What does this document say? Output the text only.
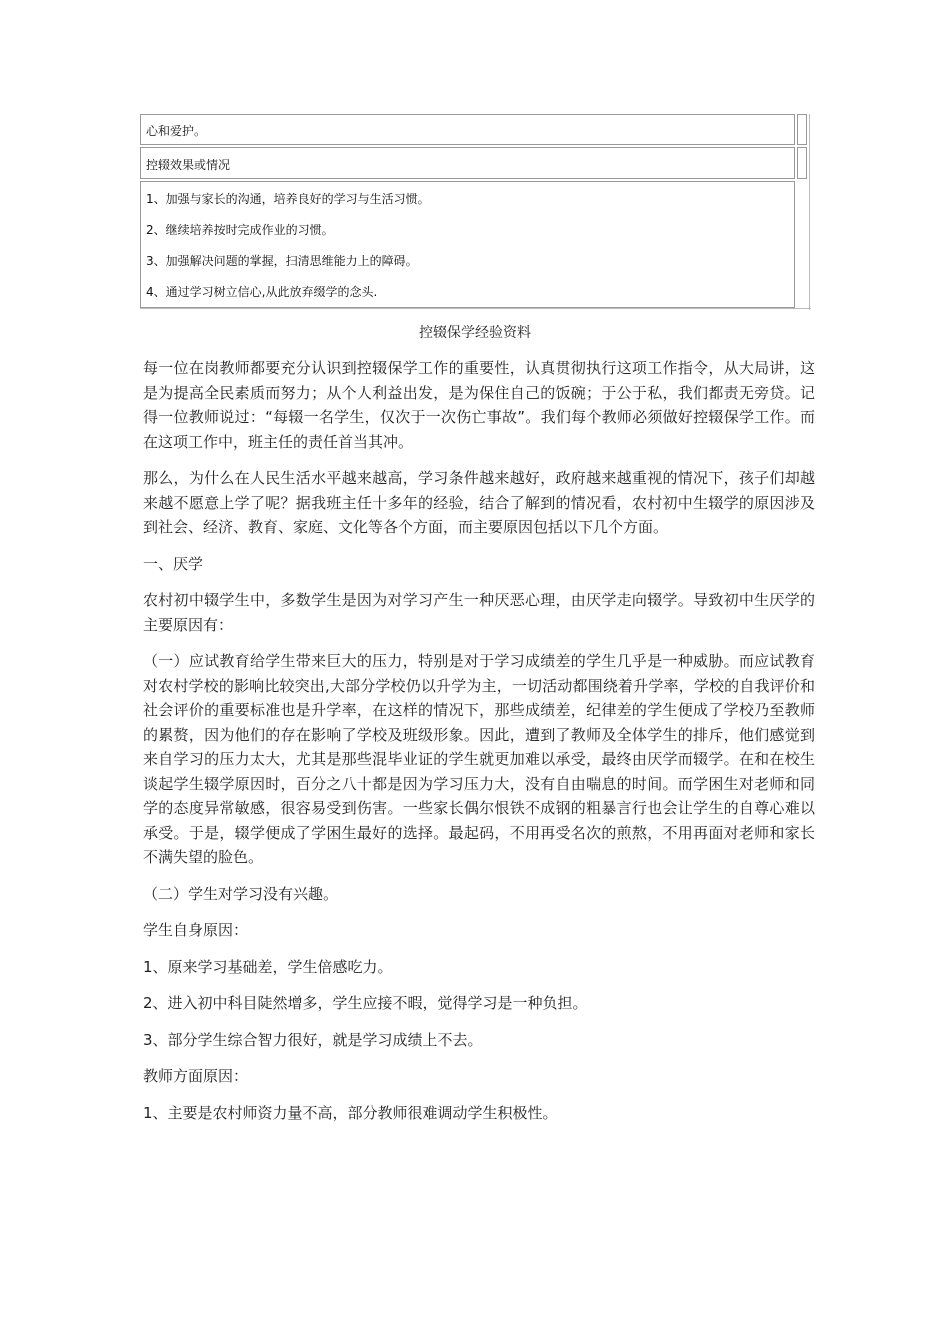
心和爱护。
控辍效果或情况
1、加强与家长的沟通，培养良好的学习与生活习惯。
2、继续培养按时完成作业的习惯。
3、加强解决问题的掌握，扫清思维能力上的障碍。
4、通过学习树立信心,从此放弃缀学的念头.
控辍保学经验资料

每一位在岗教师都要充分认识到控辍保学工作的重要性，认真贯彻执行这项工作指令，从大局讲，这是为提高全民素质而努力；从个人利益出发，是为保住自己的饭碗；于公于私，我们都责无旁贷。记得一位教师说过：“每辍一名学生，仅次于一次伤亡事故”。我们每个教师必须做好控辍保学工作。而在这项工作中，班主任的责任首当其冲。

那么，为什么在人民生活水平越来越高，学习条件越来越好，政府越来越重视的情况下，孩子们却越来越不愿意上学了呢？据我班主任十多年的经验，结合了解到的情况看，农村初中生辍学的原因涉及到社会、经济、教育、家庭、文化等各个方面，而主要原因包括以下几个方面。

一、厌学

农村初中辍学生中，多数学生是因为对学习产生一种厌恶心理，由厌学走向辍学。导致初中生厌学的主要原因有：

（一）应试教育给学生带来巨大的压力，特别是对于学习成绩差的学生几乎是一种威胁。而应试教育对农村学校的影响比较突出,大部分学校仍以升学为主，一切活动都围绕着升学率，学校的自我评价和社会评价的重要标准也是升学率，在这样的情况下，那些成绩差，纪律差的学生便成了学校乃至教师的累赘，因为他们的存在影响了学校及班级形象。因此，遭到了教师及全体学生的排斥，他们感觉到来自学习的压力太大，尤其是那些混毕业证的学生就更加难以承受，最终由厌学而辍学。在和在校生谈起学生辍学原因时，百分之八十都是因为学习压力大，没有自由喘息的时间。而学困生对老师和同学的态度异常敏感，很容易受到伤害。一些家长偶尔恨铁不成钢的粗暴言行也会让学生的自尊心难以承受。于是，辍学便成了学困生最好的选择。最起码，不用再受名次的煎熬，不用再面对老师和家长不满失望的脸色。

（二）学生对学习没有兴趣。

学生自身原因：

1、原来学习基础差，学生倍感吃力。

2、进入初中科目陡然增多，学生应接不暇，觉得学习是一种负担。

3、部分学生综合智力很好，就是学习成绩上不去。

教师方面原因：

1、主要是农村师资力量不高，部分教师很难调动学生积极性。
